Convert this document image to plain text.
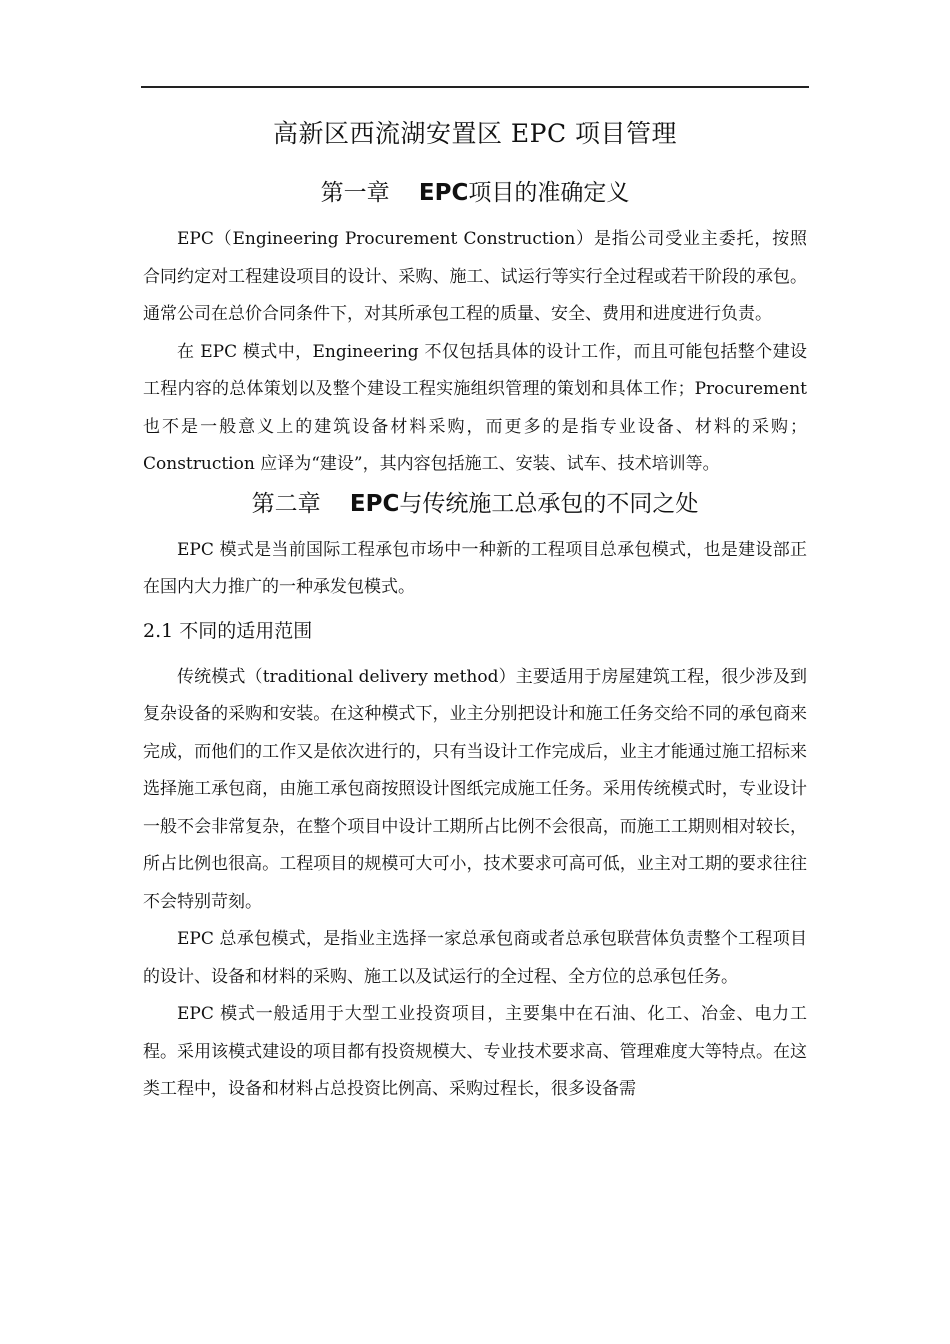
高新区西流湖安置区 EPC 项目管理
第一章    EPC项目的准确定义

EPC（Engineering Procurement Construction）是指公司受业主委托，按照合同约定对工程建设项目的设计、采购、施工、试运行等实行全过程或若干阶段的承包。通常公司在总价合同条件下，对其所承包工程的质量、安全、费用和进度进行负责。

在 EPC 模式中，Engineering 不仅包括具体的设计工作，而且可能包括整个建设工程内容的总体策划以及整个建设工程实施组织管理的策划和具体工作；Procurement 也不是一般意义上的建筑设备材料采购，而更多的是指专业设备、材料的采购；Construction 应译为“建设”，其内容包括施工、安装、试车、技术培训等。

第二章    EPC与传统施工总承包的不同之处

EPC 模式是当前国际工程承包市场中一种新的工程项目总承包模式，也是建设部正在国内大力推广的一种承发包模式。

2.1 不同的适用范围

传统模式（traditional delivery method）主要适用于房屋建筑工程，很少涉及到复杂设备的采购和安装。在这种模式下，业主分别把设计和施工任务交给不同的承包商来完成，而他们的工作又是依次进行的，只有当设计工作完成后，业主才能通过施工招标来选择施工承包商，由施工承包商按照设计图纸完成施工任务。采用传统模式时，专业设计一般不会非常复杂，在整个项目中设计工期所占比例不会很高，而施工工期则相对较长，所占比例也很高。工程项目的规模可大可小，技术要求可高可低，业主对工期的要求往往不会特别苛刻。

EPC 总承包模式，是指业主选择一家总承包商或者总承包联营体负责整个工程项目的设计、设备和材料的采购、施工以及试运行的全过程、全方位的总承包任务。

EPC 模式一般适用于大型工业投资项目，主要集中在石油、化工、冶金、电力工程。采用该模式建设的项目都有投资规模大、专业技术要求高、管理难度大等特点。在这类工程中，设备和材料占总投资比例高、采购过程长，很多设备需
